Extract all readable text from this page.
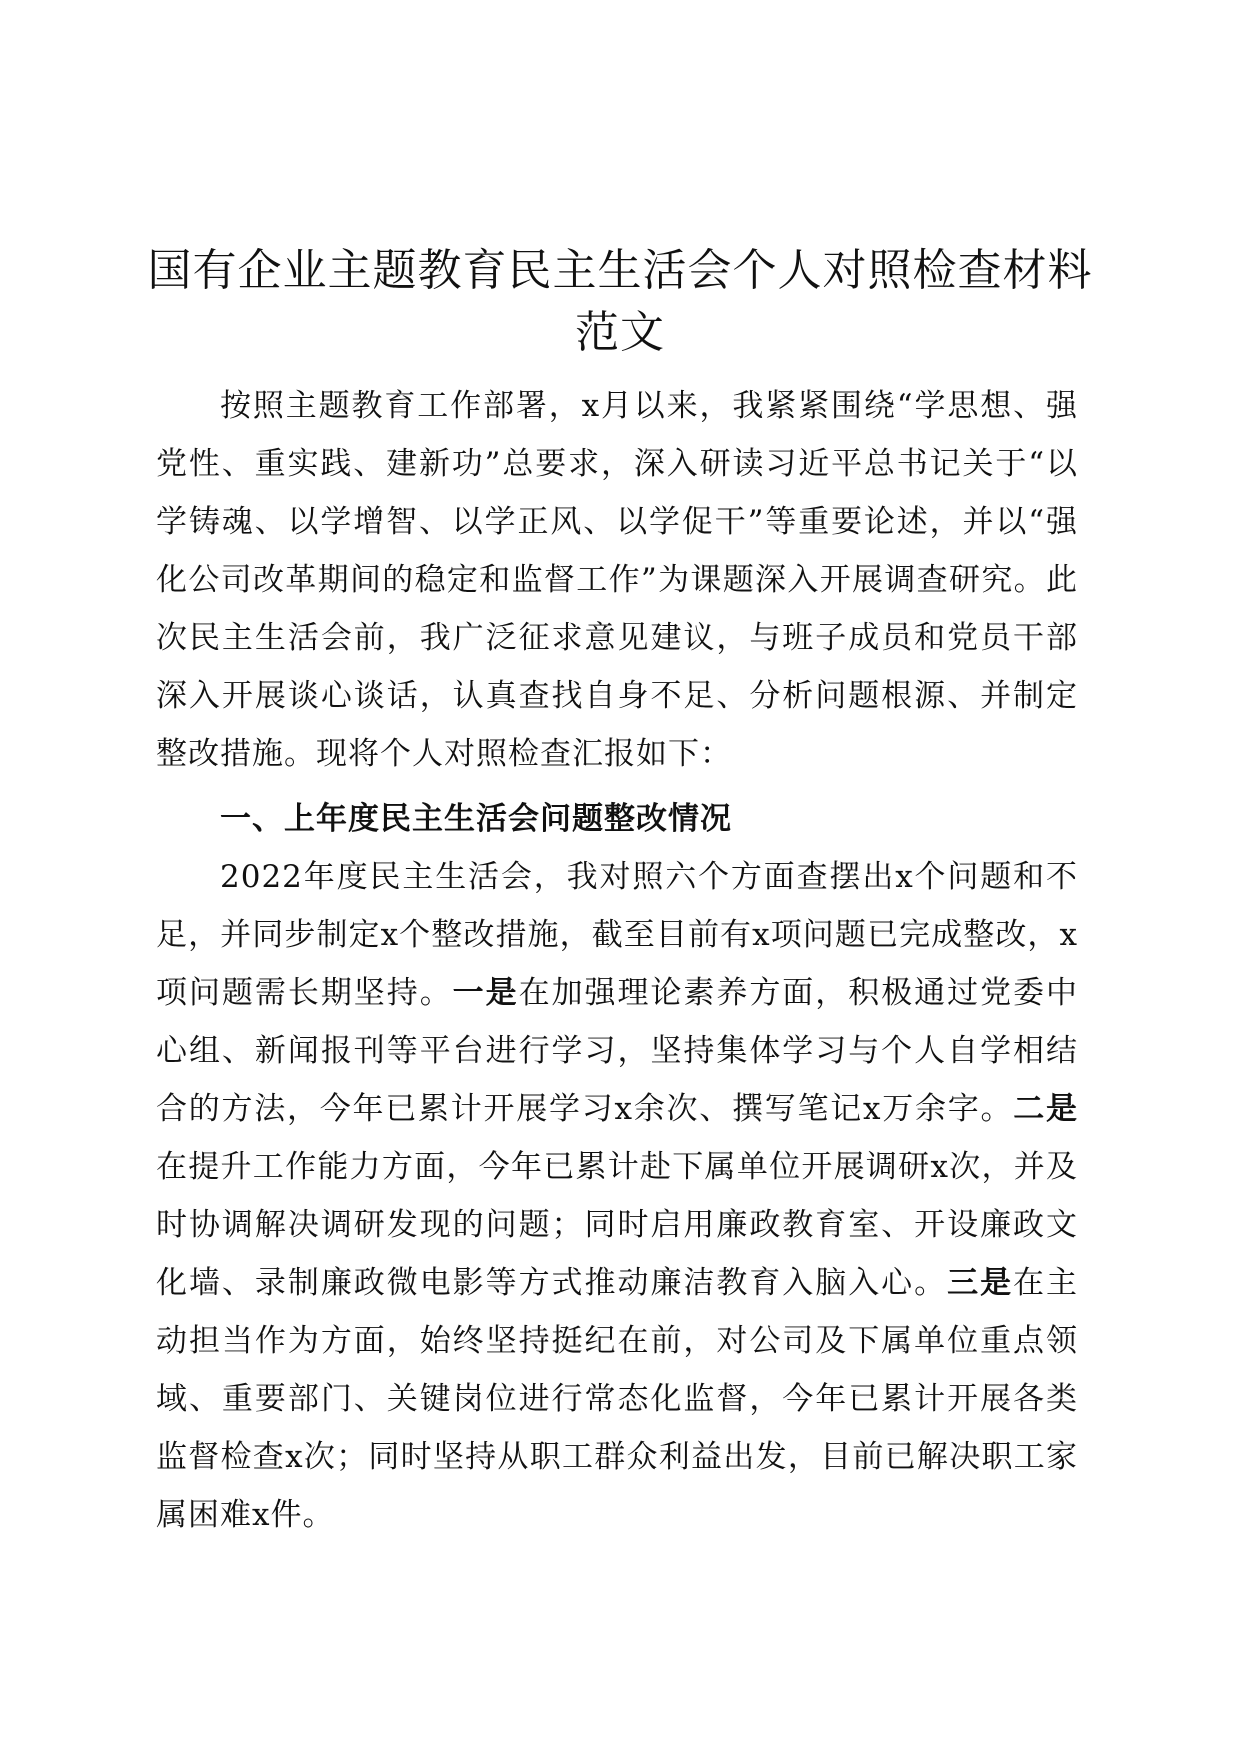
国有企业主题教育民主生活会个人对照检查材料范文

按照主题教育工作部署，x月以来，我紧紧围绕“学思想、强党性、重实践、建新功”总要求，深入研读习近平总书记关于“以学铸魂、以学增智、以学正风、以学促干”等重要论述，并以“强化公司改革期间的稳定和监督工作”为课题深入开展调查研究。此次民主生活会前，我广泛征求意见建议，与班子成员和党员干部深入开展谈心谈话，认真查找自身不足、分析问题根源、并制定整改措施。现将个人对照检查汇报如下：

一、上年度民主生活会问题整改情况

2022年度民主生活会，我对照六个方面查摆出x个问题和不足，并同步制定x个整改措施，截至目前有x项问题已完成整改，x项问题需长期坚持。一是在加强理论素养方面，积极通过党委中心组、新闻报刊等平台进行学习，坚持集体学习与个人自学相结合的方法，今年已累计开展学习x余次、撰写笔记x万余字。二是在提升工作能力方面，今年已累计赴下属单位开展调研x次，并及时协调解决调研发现的问题；同时启用廉政教育室、开设廉政文化墙、录制廉政微电影等方式推动廉洁教育入脑入心。三是在主动担当作为方面，始终坚持挺纪在前，对公司及下属单位重点领域、重要部门、关键岗位进行常态化监督，今年已累计开展各类监督检查x次；同时坚持从职工群众利益出发，目前已解决职工家属困难x件。
